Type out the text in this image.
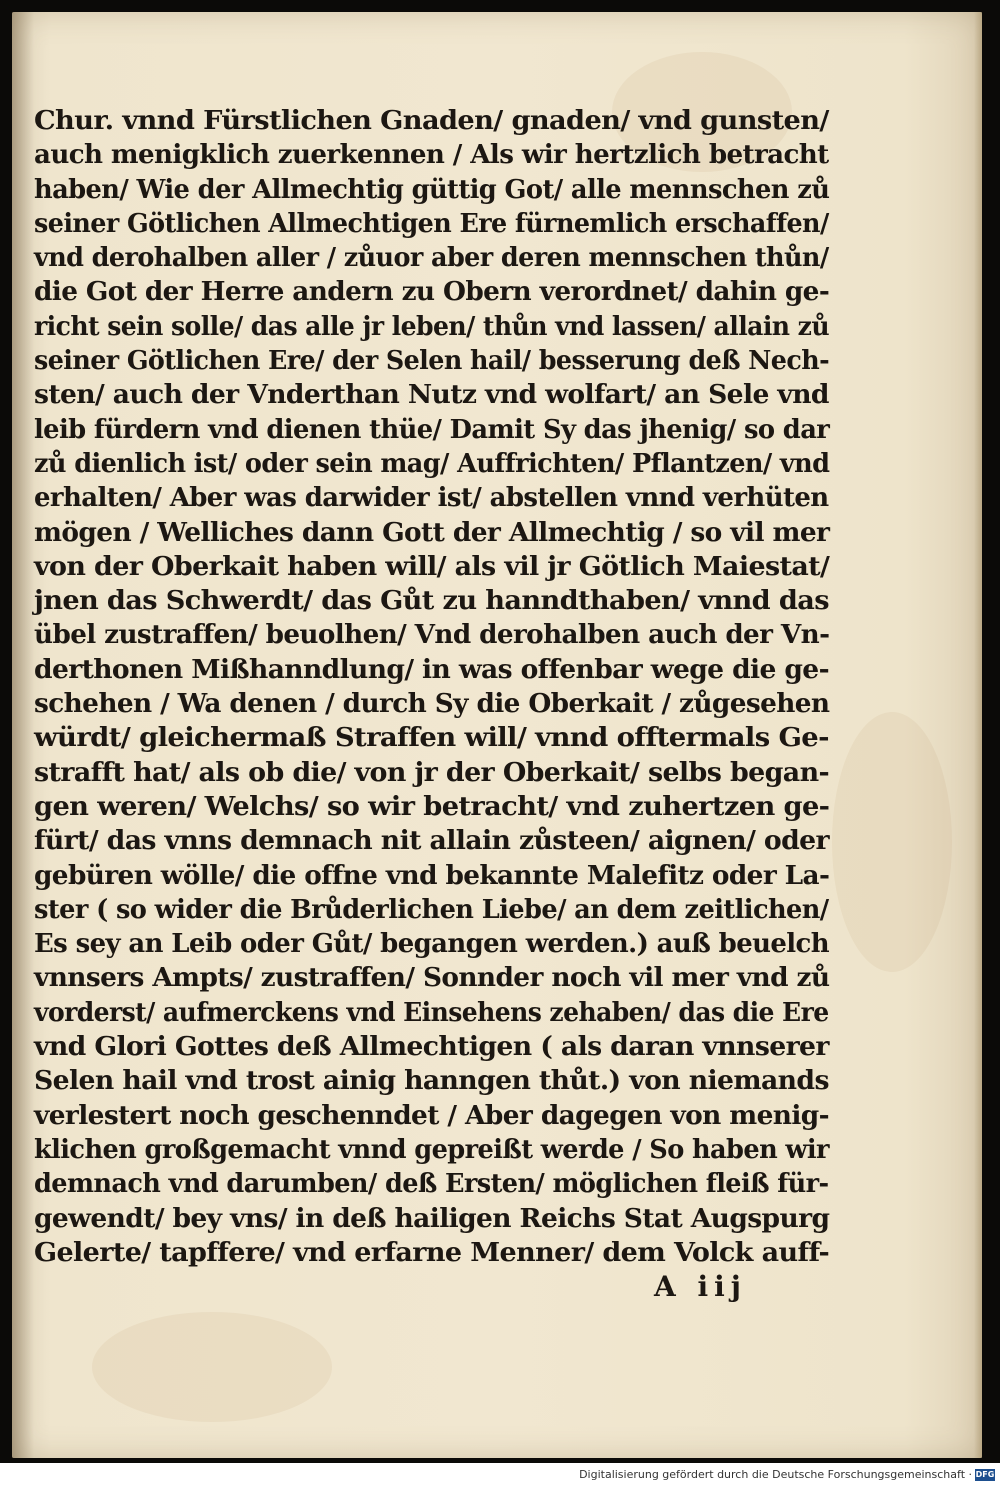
Chur. vnnd Fürstlichen Gnaden/ gnaden/ vnd gunsten/
auch menigklich zuerkennen / Als wir hertzlich betracht
haben/ Wie der Allmechtig güttig Got/ alle mennschen zů
seiner Götlichen Allmechtigen Ere fürnemlich erschaffen/
vnd derohalben aller / zůuor aber deren mennschen thůn/
die Got der Herre andern zu Obern verordnet/ dahin ge-
richt sein solle/ das alle jr leben/ thůn vnd lassen/ allain zů
seiner Götlichen Ere/ der Selen hail/ besserung deß Nech-
sten/ auch der Vnderthan Nutz vnd wolfart/ an Sele vnd
leib fürdern vnd dienen thüe/ Damit Sy das jhenig/ so dar
zů dienlich ist/ oder sein mag/ Auffrichten/ Pflantzen/ vnd
erhalten/ Aber was darwider ist/ abstellen vnnd verhüten
mögen / Welliches dann Gott der Allmechtig / so vil mer
von der Oberkait haben will/ als vil jr Götlich Maiestat/
jnen das Schwerdt/ das Gůt zu hanndthaben/ vnnd das
übel zustraffen/ beuolhen/ Vnd derohalben auch der Vn-
derthonen Mißhanndlung/ in was offenbar wege die ge-
schehen / Wa denen / durch Sy die Oberkait / zůgesehen
würdt/ gleichermaß Straffen will/ vnnd offtermals Ge-
strafft hat/ als ob die/ von jr der Oberkait/ selbs began-
gen weren/ Welchs/ so wir betracht/ vnd zuhertzen ge-
fürt/ das vnns demnach nit allain zůsteen/ aignen/ oder
gebüren wölle/ die offne vnd bekannte Malefitz oder La-
ster ( so wider die Brůderlichen Liebe/ an dem zeitlichen/
Es sey an Leib oder Gůt/ begangen werden.) auß beuelch
vnnsers Ampts/ zustraffen/ Sonnder noch vil mer vnd zů
vorderst/ aufmerckens vnd Einsehens zehaben/ das die Ere
vnd Glori Gottes deß Allmechtigen ( als daran vnnserer
Selen hail vnd trost ainig hanngen thůt.) von niemands
verlestert noch geschenndet / Aber dagegen von menig-
klichen großgemacht vnnd gepreißt werde / So haben wir
demnach vnd darumben/ deß Ersten/ möglichen fleiß für-
gewendt/ bey vns/ in deß hailigen Reichs Stat Augspurg
Gelerte/ tapffere/ vnd erfarne Menner/ dem Volck auff-
A iij
Digitalisierung gefördert durch die Deutsche Forschungsgemeinschaft · DFG
